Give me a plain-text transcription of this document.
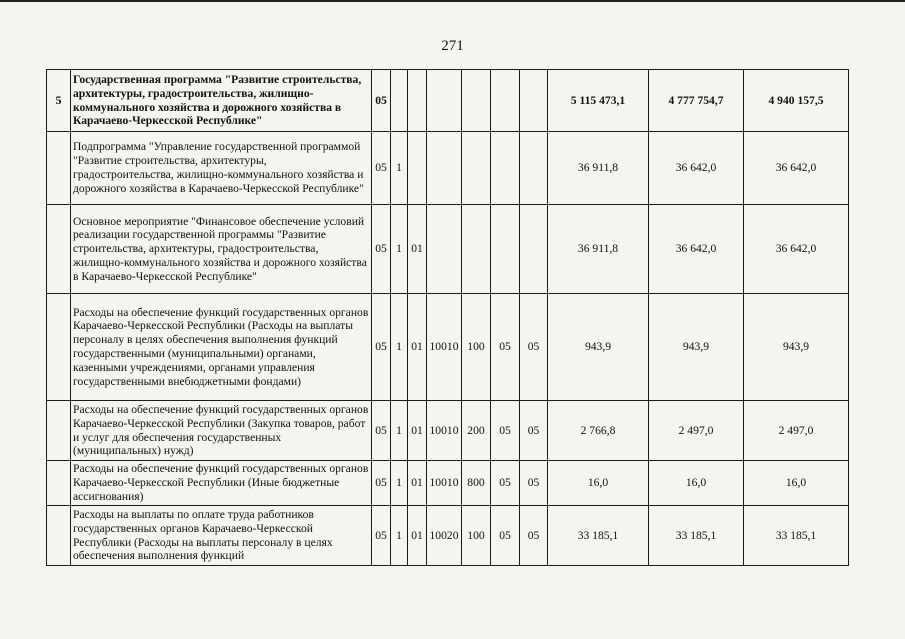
271
5	Государственная программа "Развитие строительства, архитектуры, градостроительства, жилищно-коммунального хозяйства и дорожного хозяйства в Карачаево-Черкесской Республике"	05							5 115 473,1	4 777 754,7	4 940 157,5
	Подпрограмма "Управление государственной программой "Развитие строительства, архитектуры, градостроительства, жилищно-коммунального хозяйства и дорожного хозяйства в Карачаево-Черкесской Республике"	05	1						36 911,8	36 642,0	36 642,0
	Основное мероприятие "Финансовое обеспечение условий реализации государственной программы "Развитие строительства, архитектуры, градостроительства, жилищно-коммунального хозяйства и дорожного хозяйства в Карачаево-Черкесской Республике"	05	1	01					36 911,8	36 642,0	36 642,0
	Расходы на обеспечение функций государственных органов Карачаево-Черкесской Республики (Расходы на выплаты персоналу в целях обеспечения выполнения функций государственными (муниципальными) органами, казенными учреждениями, органами управления государственными внебюджетными фондами)	05	1	01	10010	100	05	05	943,9	943,9	943,9
	Расходы на обеспечение функций государственных органов Карачаево-Черкесской Республики (Закупка товаров, работ и услуг для обеспечения государственных (муниципальных) нужд)	05	1	01	10010	200	05	05	2 766,8	2 497,0	2 497,0
	Расходы на обеспечение функций государственных органов Карачаево-Черкесской Республики (Иные бюджетные ассигнования)	05	1	01	10010	800	05	05	16,0	16,0	16,0
	Расходы на выплаты по оплате труда работников государственных органов Карачаево-Черкесской Республики (Расходы на выплаты персоналу в целях обеспечения выполнения функций	05	1	01	10020	100	05	05	33 185,1	33 185,1	33 185,1
